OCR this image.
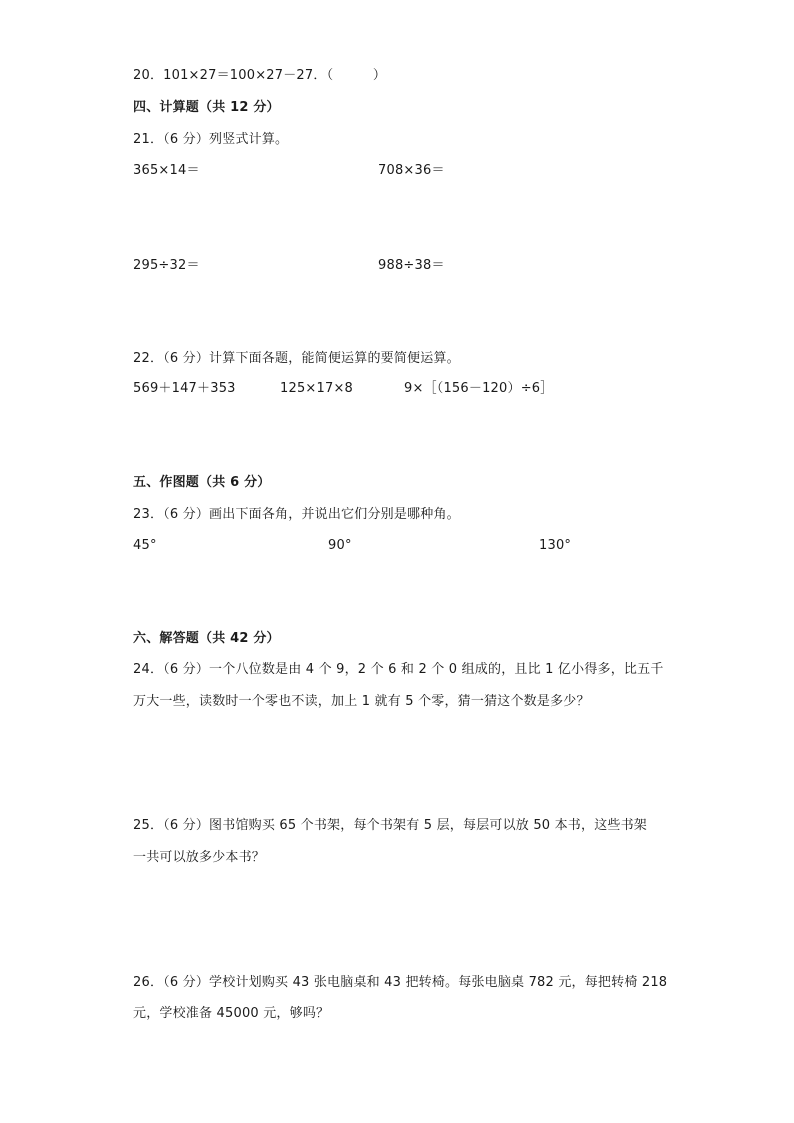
20．101×27＝100×27－27．（　　　）
四、计算题（共 12 分）
21．（6 分）列竖式计算。
365×14＝	708×36＝
295÷32＝	988÷38＝
22．（6 分）计算下面各题，能简便运算的要简便运算。
569＋147＋353	125×17×8	9×［（156－120）÷6］
五、作图题（共 6 分）
23．（6 分）画出下面各角，并说出它们分别是哪种角。
45°	90°	130°
六、解答题（共 42 分）
24．（6 分）一个八位数是由 4 个 9，2 个 6 和 2 个 0 组成的，且比 1 亿小得多，比五千
万大一些，读数时一个零也不读，加上 1 就有 5 个零，猜一猜这个数是多少？
25．（6 分）图书馆购买 65 个书架，每个书架有 5 层，每层可以放 50 本书，这些书架
一共可以放多少本书？
26．（6 分）学校计划购买 43 张电脑桌和 43 把转椅。每张电脑桌 782 元，每把转椅 218
元，学校准备 45000 元，够吗？
